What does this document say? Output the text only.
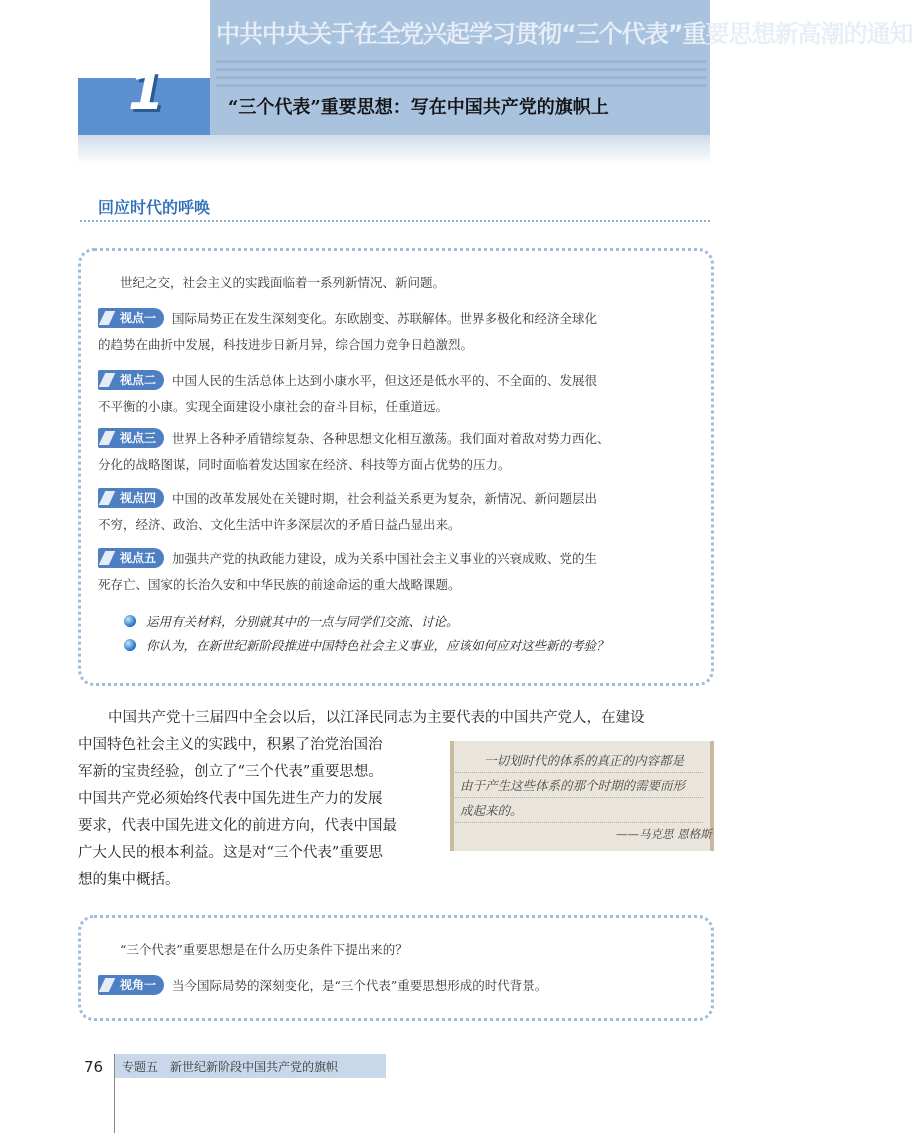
中共中央关于在全党兴起学习贯彻“三个代表”重要思想新高潮的通知
1	“三个代表”重要思想：写在中国共产党的旗帜上
回应时代的呼唤
世纪之交，社会主义的实践面临着一系列新情况、新问题。
视点一 国际局势正在发生深刻变化。东欧剧变、苏联解体。世界多极化和经济全球化
的趋势在曲折中发展，科技进步日新月异，综合国力竞争日趋激烈。
视点二 中国人民的生活总体上达到小康水平，但这还是低水平的、不全面的、发展很
不平衡的小康。实现全面建设小康社会的奋斗目标，任重道远。
视点三 世界上各种矛盾错综复杂、各种思想文化相互激荡。我们面对着敌对势力西化、
分化的战略图谋，同时面临着发达国家在经济、科技等方面占优势的压力。
视点四 中国的改革发展处在关键时期，社会利益关系更为复杂，新情况、新问题层出
不穷，经济、政治、文化生活中许多深层次的矛盾日益凸显出来。
视点五 加强共产党的执政能力建设，成为关系中国社会主义事业的兴衰成败、党的生
死存亡、国家的长治久安和中华民族的前途命运的重大战略课题。
运用有关材料，分别就其中的一点与同学们交流、讨论。
你认为，在新世纪新阶段推进中国特色社会主义事业，应该如何应对这些新的考验？
中国共产党十三届四中全会以后，以江泽民同志为主要代表的中国共产党人，在建设
中国特色社会主义的实践中，积累了治党治国治
军新的宝贵经验，创立了“三个代表”重要思想。
中国共产党必须始终代表中国先进生产力的发展
要求，代表中国先进文化的前进方向，代表中国最
广大人民的根本利益。这是对“三个代表”重要思
想的集中概括。
一切划时代的体系的真正的内容都是
由于产生这些体系的那个时期的需要而形
成起来的。
——马克思 恩格斯
“三个代表”重要思想是在什么历史条件下提出来的？
视角一 当今国际局势的深刻变化，是“三个代表”重要思想形成的时代背景。
76 专题五　新世纪新阶段中国共产党的旗帜
